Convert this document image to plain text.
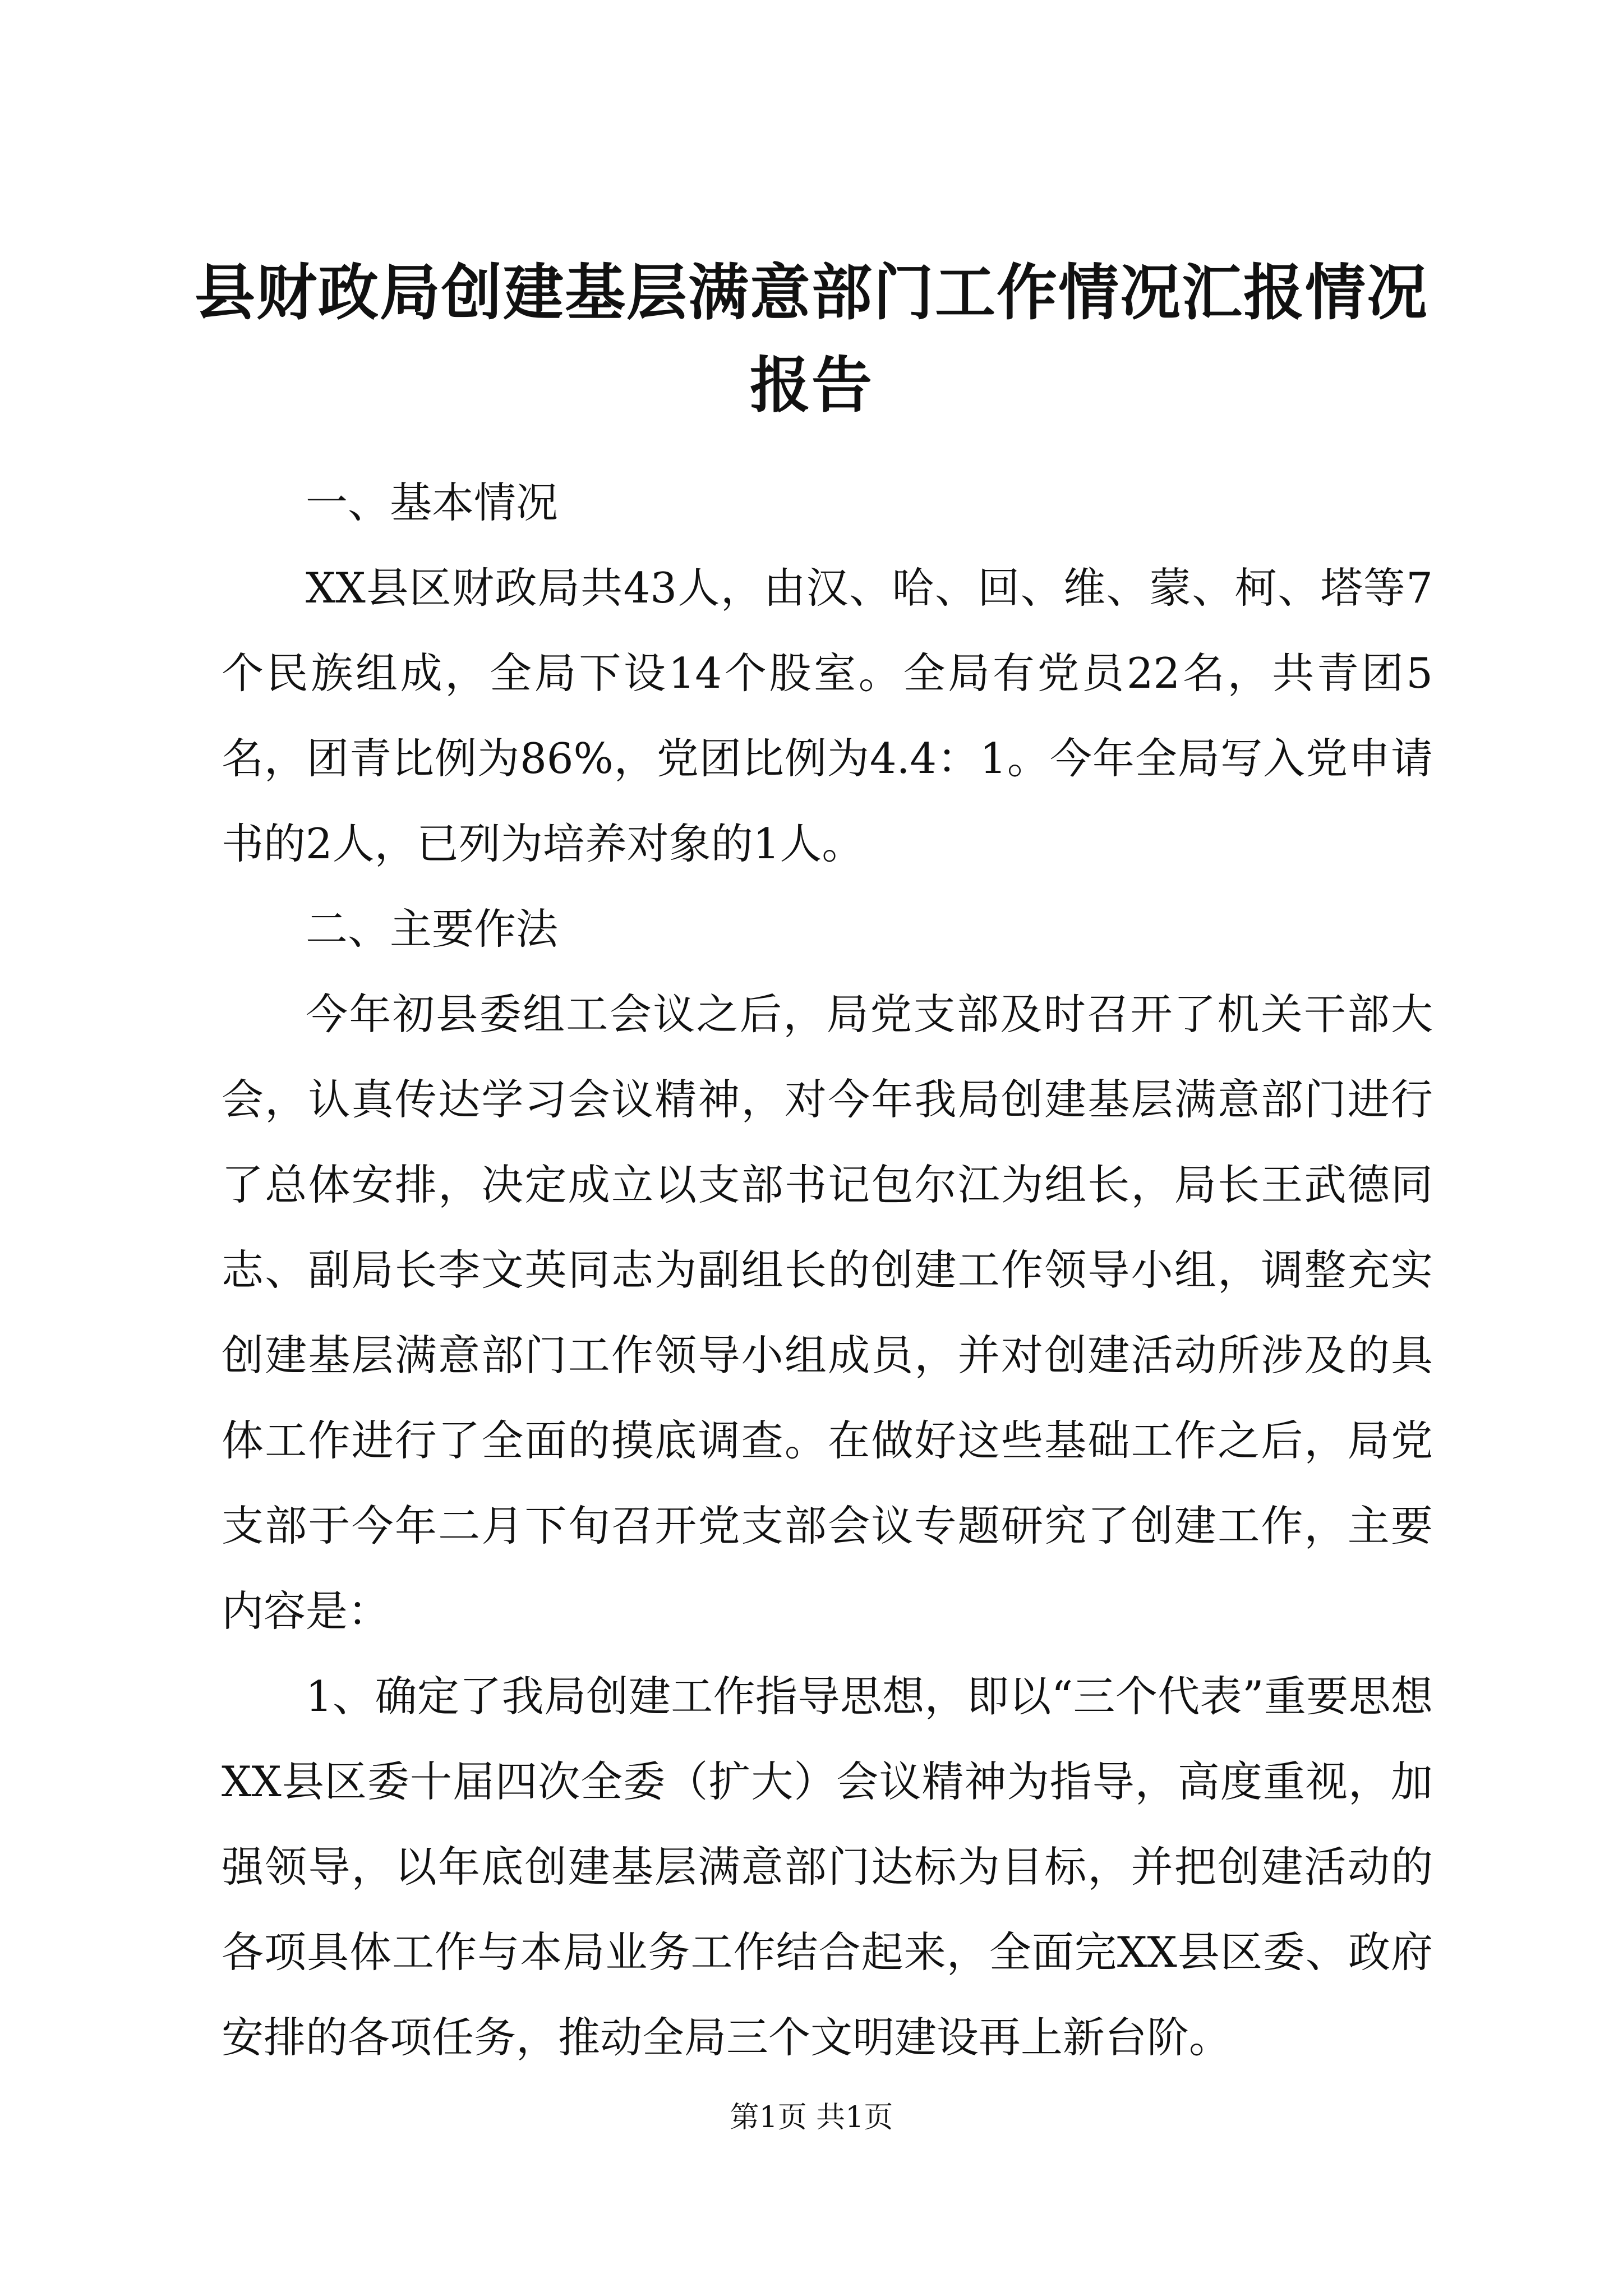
县财政局创建基层满意部门工作情况汇报情况
报告

一、基本情况

XX县区财政局共43人，由汉、哈、回、维、蒙、柯、塔等7个民族组成，全局下设14个股室。全局有党员22名，共青团5名，团青比例为86%，党团比例为4.4：1。今年全局写入党申请书的2人，已列为培养对象的1人。

二、主要作法

今年初县委组工会议之后，局党支部及时召开了机关干部大会，认真传达学习会议精神，对今年我局创建基层满意部门进行了总体安排，决定成立以支部书记包尔江为组长，局长王武德同志、副局长李文英同志为副组长的创建工作领导小组，调整充实创建基层满意部门工作领导小组成员，并对创建活动所涉及的具体工作进行了全面的摸底调查。在做好这些基础工作之后，局党支部于今年二月下旬召开党支部会议专题研究了创建工作，主要内容是：

1、确定了我局创建工作指导思想，即以“三个代表”重要思想XX县区委十届四次全委（扩大）会议精神为指导，高度重视，加强领导，以年底创建基层满意部门达标为目标，并把创建活动的各项具体工作与本局业务工作结合起来，全面完XX县区委、政府安排的各项任务，推动全局三个文明建设再上新台阶。

第1页 共1页
